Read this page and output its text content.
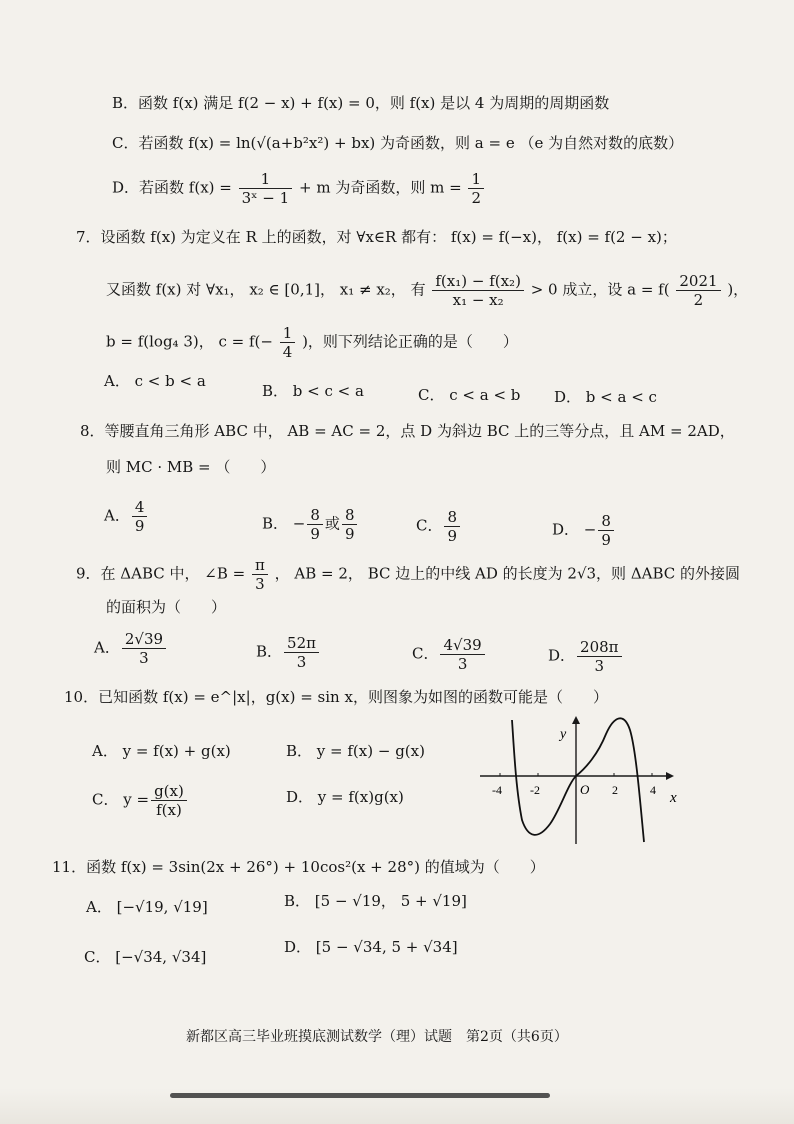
B．函数 f(x) 满足 f(2 − x) + f(x) = 0，则 f(x) 是以 4 为周期的周期函数
C．若函数 f(x) = ln(√(a+b²x²) + bx) 为奇函数，则 a = e （e 为自然对数的底数）
D．若函数 $f(x) = \frac{1}{\text{3ˣ − 1}} + m$ 为奇函数，则 $m = \frac{1}{2}$
7．设函数 f(x) 为定义在 R 上的函数，对 ∀x∈R 都有： f(x) = f(−x)， f(x) = f(2 − x)；
又函数 f(x) 对 ∀x₁， x₂ ∈ [0,1]， x₁ ≠ x₂， 有 $\frac{\text{f(x₁) − f(x₂)}}{\text{x₁ − x₂}} > 0$ 成立，设 $a = f( \frac{2021}{2}$ )，
b = f(log₄ 3)， $c = f(- \frac{1}{4}$ )，则下列结论正确的是（　　）
A． c < b < a
B． b < c < a	C． c < a < b D． b < a < c
8．等腰直角三角形 ABC 中， AB = AC = 2，点 D 为斜边 BC 上的三等分点，且 AM = 2AD，
则 MC · MB = （　　）
A． $\frac{4}{9}$	B． − $\frac{8}{9}$ 或 $\frac{8}{9}$	C． $\frac{8}{9}$	D． − $\frac{8}{9}$
9．在 ΔABC 中， ∠B = $\frac{\pi}{3}$ ， AB = 2， BC 边上的中线 AD 的长度为 2√3，则 ΔABC 的外接圆
的面积为（　　）
A． $\frac{2√39}{3}$	B． $\frac{52\pi}{3}$	C． $\frac{4√39}{3}$	D． $\frac{208\pi}{3}$
10．已知函数 f(x) = e^|x|，g(x) = sin x，则图象为如图的函数可能是（　　）
A． y = f(x) + g(x)	B． y = f(x) − g(x)
C． $y = \frac{g(x)}{f(x)}$	D． y = f(x)g(x)
y
x
O
-4 -2	2	4
11．函数 f(x) = 3sin(2x + 26°) + 10cos²(x + 28°) 的值域为（　　）
A． [−√19, √19]	B． [5 − √19， 5 + √19]
C． [−√34, √34]
D． [5 − √34, 5 + √34]
新都区高三毕业班摸底测试数学（理）试题　第2页（共6页）
